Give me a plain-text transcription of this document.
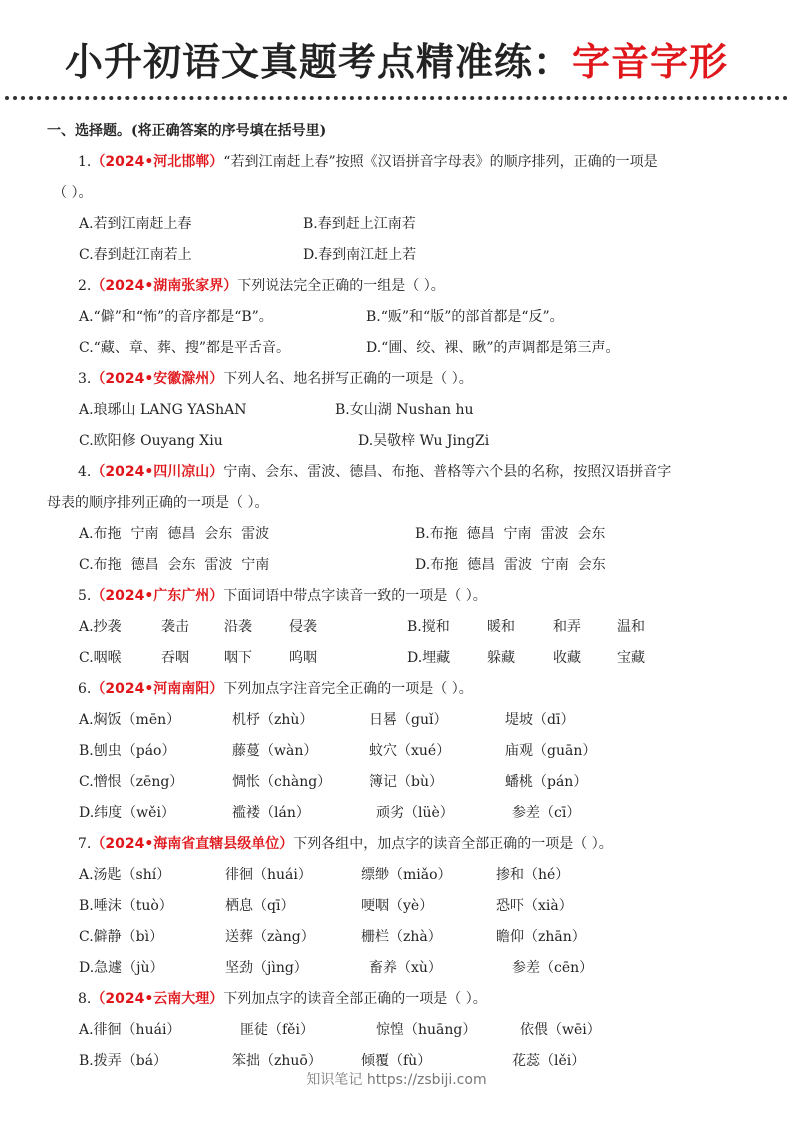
小升初语文真题考点精准练：字音字形
一、选择题。(将正确答案的序号填在括号里)
1.（2024•河北邯郸）“若到江南赶上春”按照《汉语拼音字母表》的顺序排列，正确的一项是
（ ）。
A.若到江南赶上春	B.春到赶上江南若
C.春到赶江南若上	D.春到南江赶上若
2.（2024•湖南张家界）下列说法完全正确的一组是（ ）。
A.“僻”和“怖”的音序都是“B”。	B.“贩”和“版”的部首都是“反”。
C.“藏、章、葬、搜”都是平舌音。	D.“圃、绞、裸、瞅”的声调都是第三声。
3.（2024•安徽滁州）下列人名、地名拼写正确的一项是（ ）。
A.琅琊山 LANG YAShAN	B.女山湖 Nushan hu
C.欧阳修 Ouyang Xiu	D.吴敬梓 Wu JingZi
4.（2024•四川凉山）宁南、会东、雷波、德昌、布拖、普格等六个县的名称，按照汉语拼音字
母表的顺序排列正确的一项是（ ）。
A.布拖  宁南  德昌  会东  雷波	B.布拖  德昌  宁南  雷波  会东
C.布拖  德昌  会东  雷波  宁南	D.布拖  德昌  雷波  宁南  会东
5.（2024•广东广州）下面词语中带点字读音一致的一项是（ ）。
A.抄袭	袭击	沿袭	侵袭	B.搅和	暖和	和弄	温和
C.咽喉	吞咽	咽下	呜咽	D.埋藏	躲藏	收藏	宝藏
6.（2024•河南南阳）下列加点字注音完全正确的一项是（ ）。
A.焖饭（mēn）	机杼（zhù）	日晷（guǐ）	堤坡（dī）
B.刨虫（páo）	藤蔓（wàn）	蚊穴（xué）	庙观（guān）
C.憎恨（zēng）	惆怅（chàng）	簿记（bù）	蟠桃（pán）
D.纬度（wěi）	褴褛（lán）	顽劣（lüè）	参差（cī）
7.（2024•海南省直辖县级单位）下列各组中，加点字的读音全部正确的一项是（ ）。
A.汤匙（shí）	徘徊（huái）	缥缈（miǎo）	掺和（hé）
B.唾沫（tuò）	栖息（qī）	哽咽（yè）	恐吓（xià）
C.僻静（bì）	送葬（zàng）	栅栏（zhà）	瞻仰（zhān）
D.急遽（jù）	坚劲（jìng）	畜养（xù）	参差（cēn）
8.（2024•云南大理）下列加点字的读音全部正确的一项是（ ）。
A.徘徊（huái）	匪徒（fěi）	惊惶（huāng）	依偎（wēi）
B.拨弄（bá）	笨拙（zhuō）	倾覆（fù）	花蕊（lěi）
知识笔记 https://zsbiji.com
